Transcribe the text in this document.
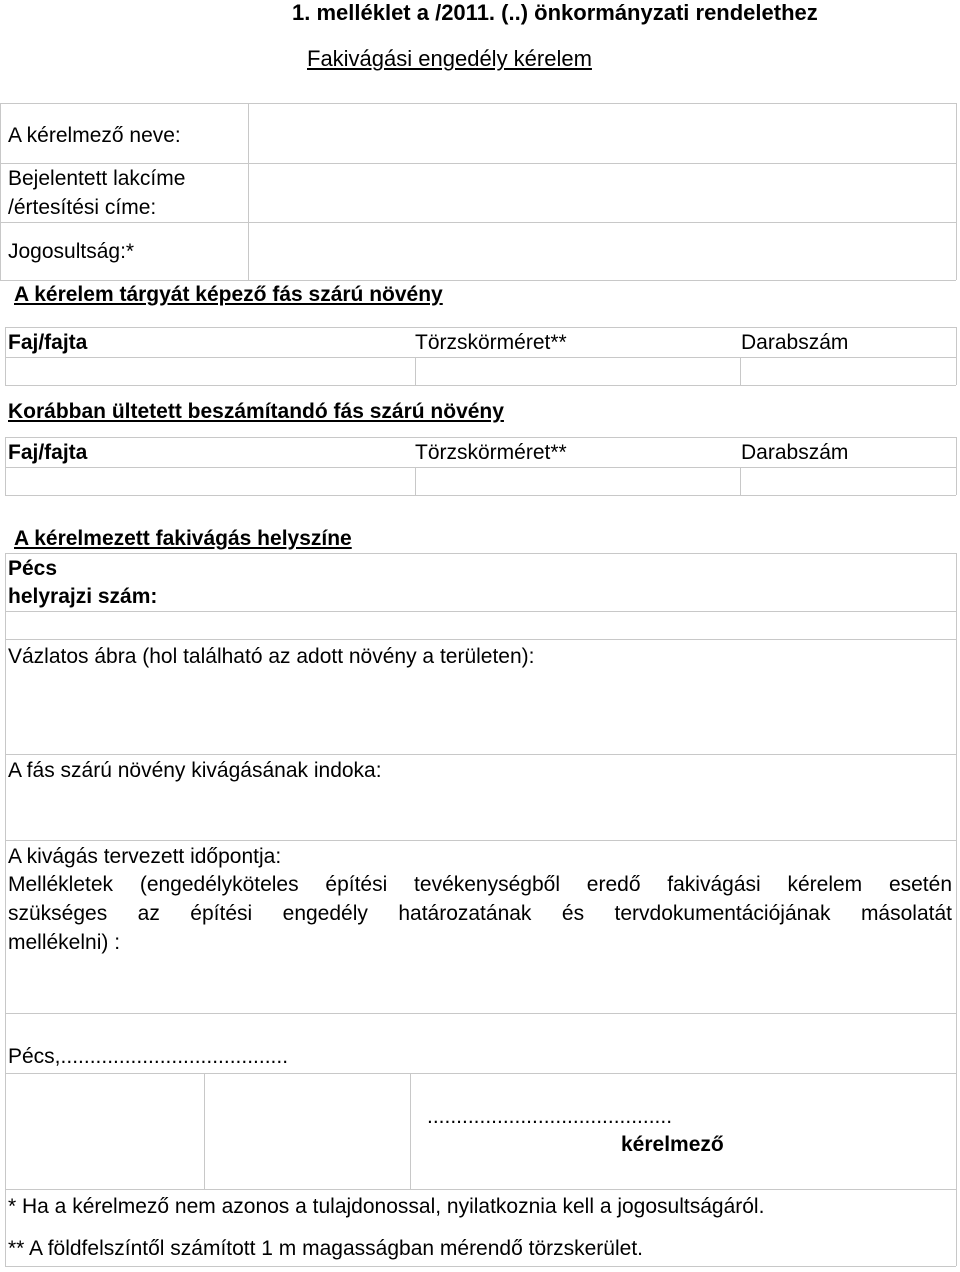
1. melléklet a /2011. (..) önkormányzati rendelethez
Fakivágási engedély kérelem
A kérelmező neve:
Bejelentett lakcíme
/értesítési címe:
Jogosultság:*
A kérelem tárgyát képező fás szárú növény
Faj/fajta	Törzskörméret**	Darabszám
Korábban ültetett beszámítandó fás szárú növény
Faj/fajta	Törzskörméret**	Darabszám
A kérelmezett fakivágás helyszíne
Pécs
helyrajzi szám:
Vázlatos ábra (hol található az adott növény a területen):
A fás szárú növény kivágásának indoka:
A kivágás tervezett időpontja:
Mellékletek (engedélyköteles építési tevékenységből eredő fakivágási kérelem esetén
szükséges az építési engedély határozatának és tervdokumentációjának másolatát
mellékelni) :
Pécs,.......................................
..........................................
kérelmező
* Ha a kérelmező nem azonos a tulajdonossal, nyilatkoznia kell a jogosultságáról.
** A földfelszíntől számított 1 m magasságban mérendő törzskerület.
